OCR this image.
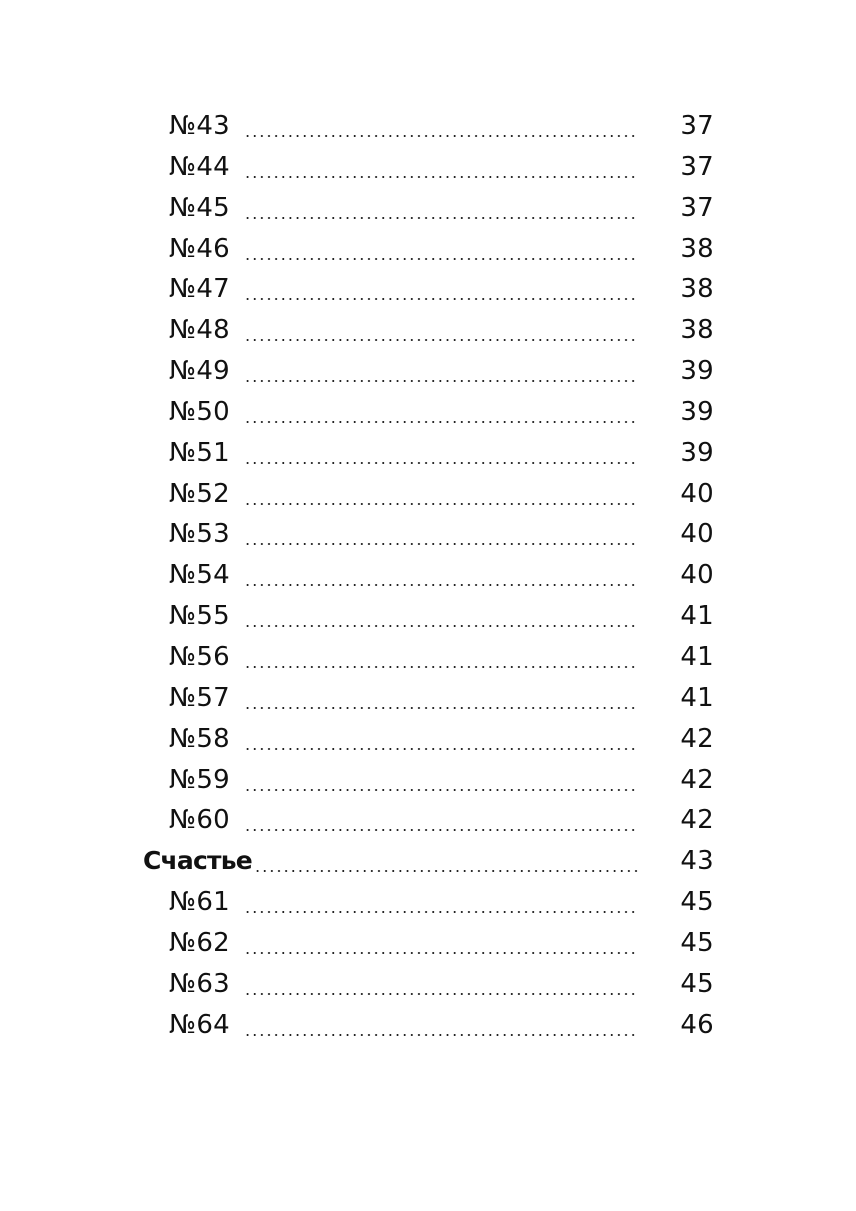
№43	37
№44	37
№45	37
№46	38
№47	38
№48	38
№49	39
№50	39
№51	39
№52	40
№53	40
№54	40
№55	41
№56	41
№57	41
№58	42
№59	42
№60	42
Счастье	43
№61	45
№62	45
№63	45
№64	46
